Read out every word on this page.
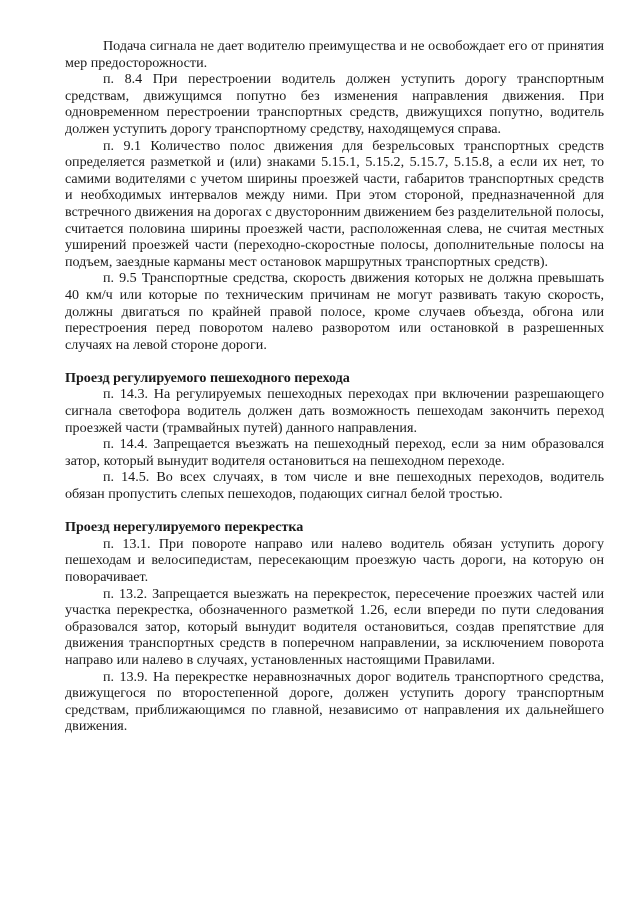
Подача сигнала не дает водителю преимущества и не освобождает его от принятия мер предосторожности.

п. 8.4 При перестроении водитель должен уступить дорогу транспортным средствам, движущимся попутно без изменения направления движения. При одновременном перестроении транспортных средств, движущихся попутно, водитель должен уступить дорогу транспортному средству, находящемуся справа.

п. 9.1 Количество полос движения для безрельсовых транспортных средств определяется разметкой и (или) знаками 5.15.1, 5.15.2, 5.15.7, 5.15.8, а если их нет, то самими водителями с учетом ширины проезжей части, габаритов транспортных средств и необходимых интервалов между ними. При этом стороной, предназначенной для встречного движения на дорогах с двусторонним движением без разделительной полосы, считается половина ширины проезжей части, расположенная слева, не считая местных уширений проезжей части (переходно-скоростные полосы, дополнительные полосы на подъем, заездные карманы мест остановок маршрутных транспортных средств).

п. 9.5 Транспортные средства, скорость движения которых не должна превышать 40 км/ч или которые по техническим причинам не могут развивать такую скорость, должны двигаться по крайней правой полосе, кроме случаев объезда, обгона или перестроения перед поворотом налево разворотом или остановкой в разрешенных случаях на левой стороне дороги.

Проезд регулируемого пешеходного перехода

п. 14.3. На регулируемых пешеходных переходах при включении разрешающего сигнала светофора водитель должен дать возможность пешеходам закончить переход проезжей части (трамвайных путей) данного направления.

п. 14.4. Запрещается въезжать на пешеходный переход, если за ним образовался затор, который вынудит водителя остановиться на пешеходном переходе.

п. 14.5. Во всех случаях, в том числе и вне пешеходных переходов, водитель обязан пропустить слепых пешеходов, подающих сигнал белой тростью.

Проезд нерегулируемого перекрестка

п. 13.1. При повороте направо или налево водитель обязан уступить дорогу пешеходам и велосипедистам, пересекающим проезжую часть дороги, на которую он поворачивает.

п. 13.2. Запрещается выезжать на перекресток, пересечение проезжих частей или участка перекрестка, обозначенного разметкой 1.26, если впереди по пути следования образовался затор, который вынудит водителя остановиться, создав препятствие для движения транспортных средств в поперечном направлении, за исключением поворота направо или налево в случаях, установленных настоящими Правилами.

п. 13.9. На перекрестке неравнозначных дорог водитель транспортного средства, движущегося по второстепенной дороге, должен уступить дорогу транспортным средствам, приближающимся по главной, независимо от направления их дальнейшего движения.
